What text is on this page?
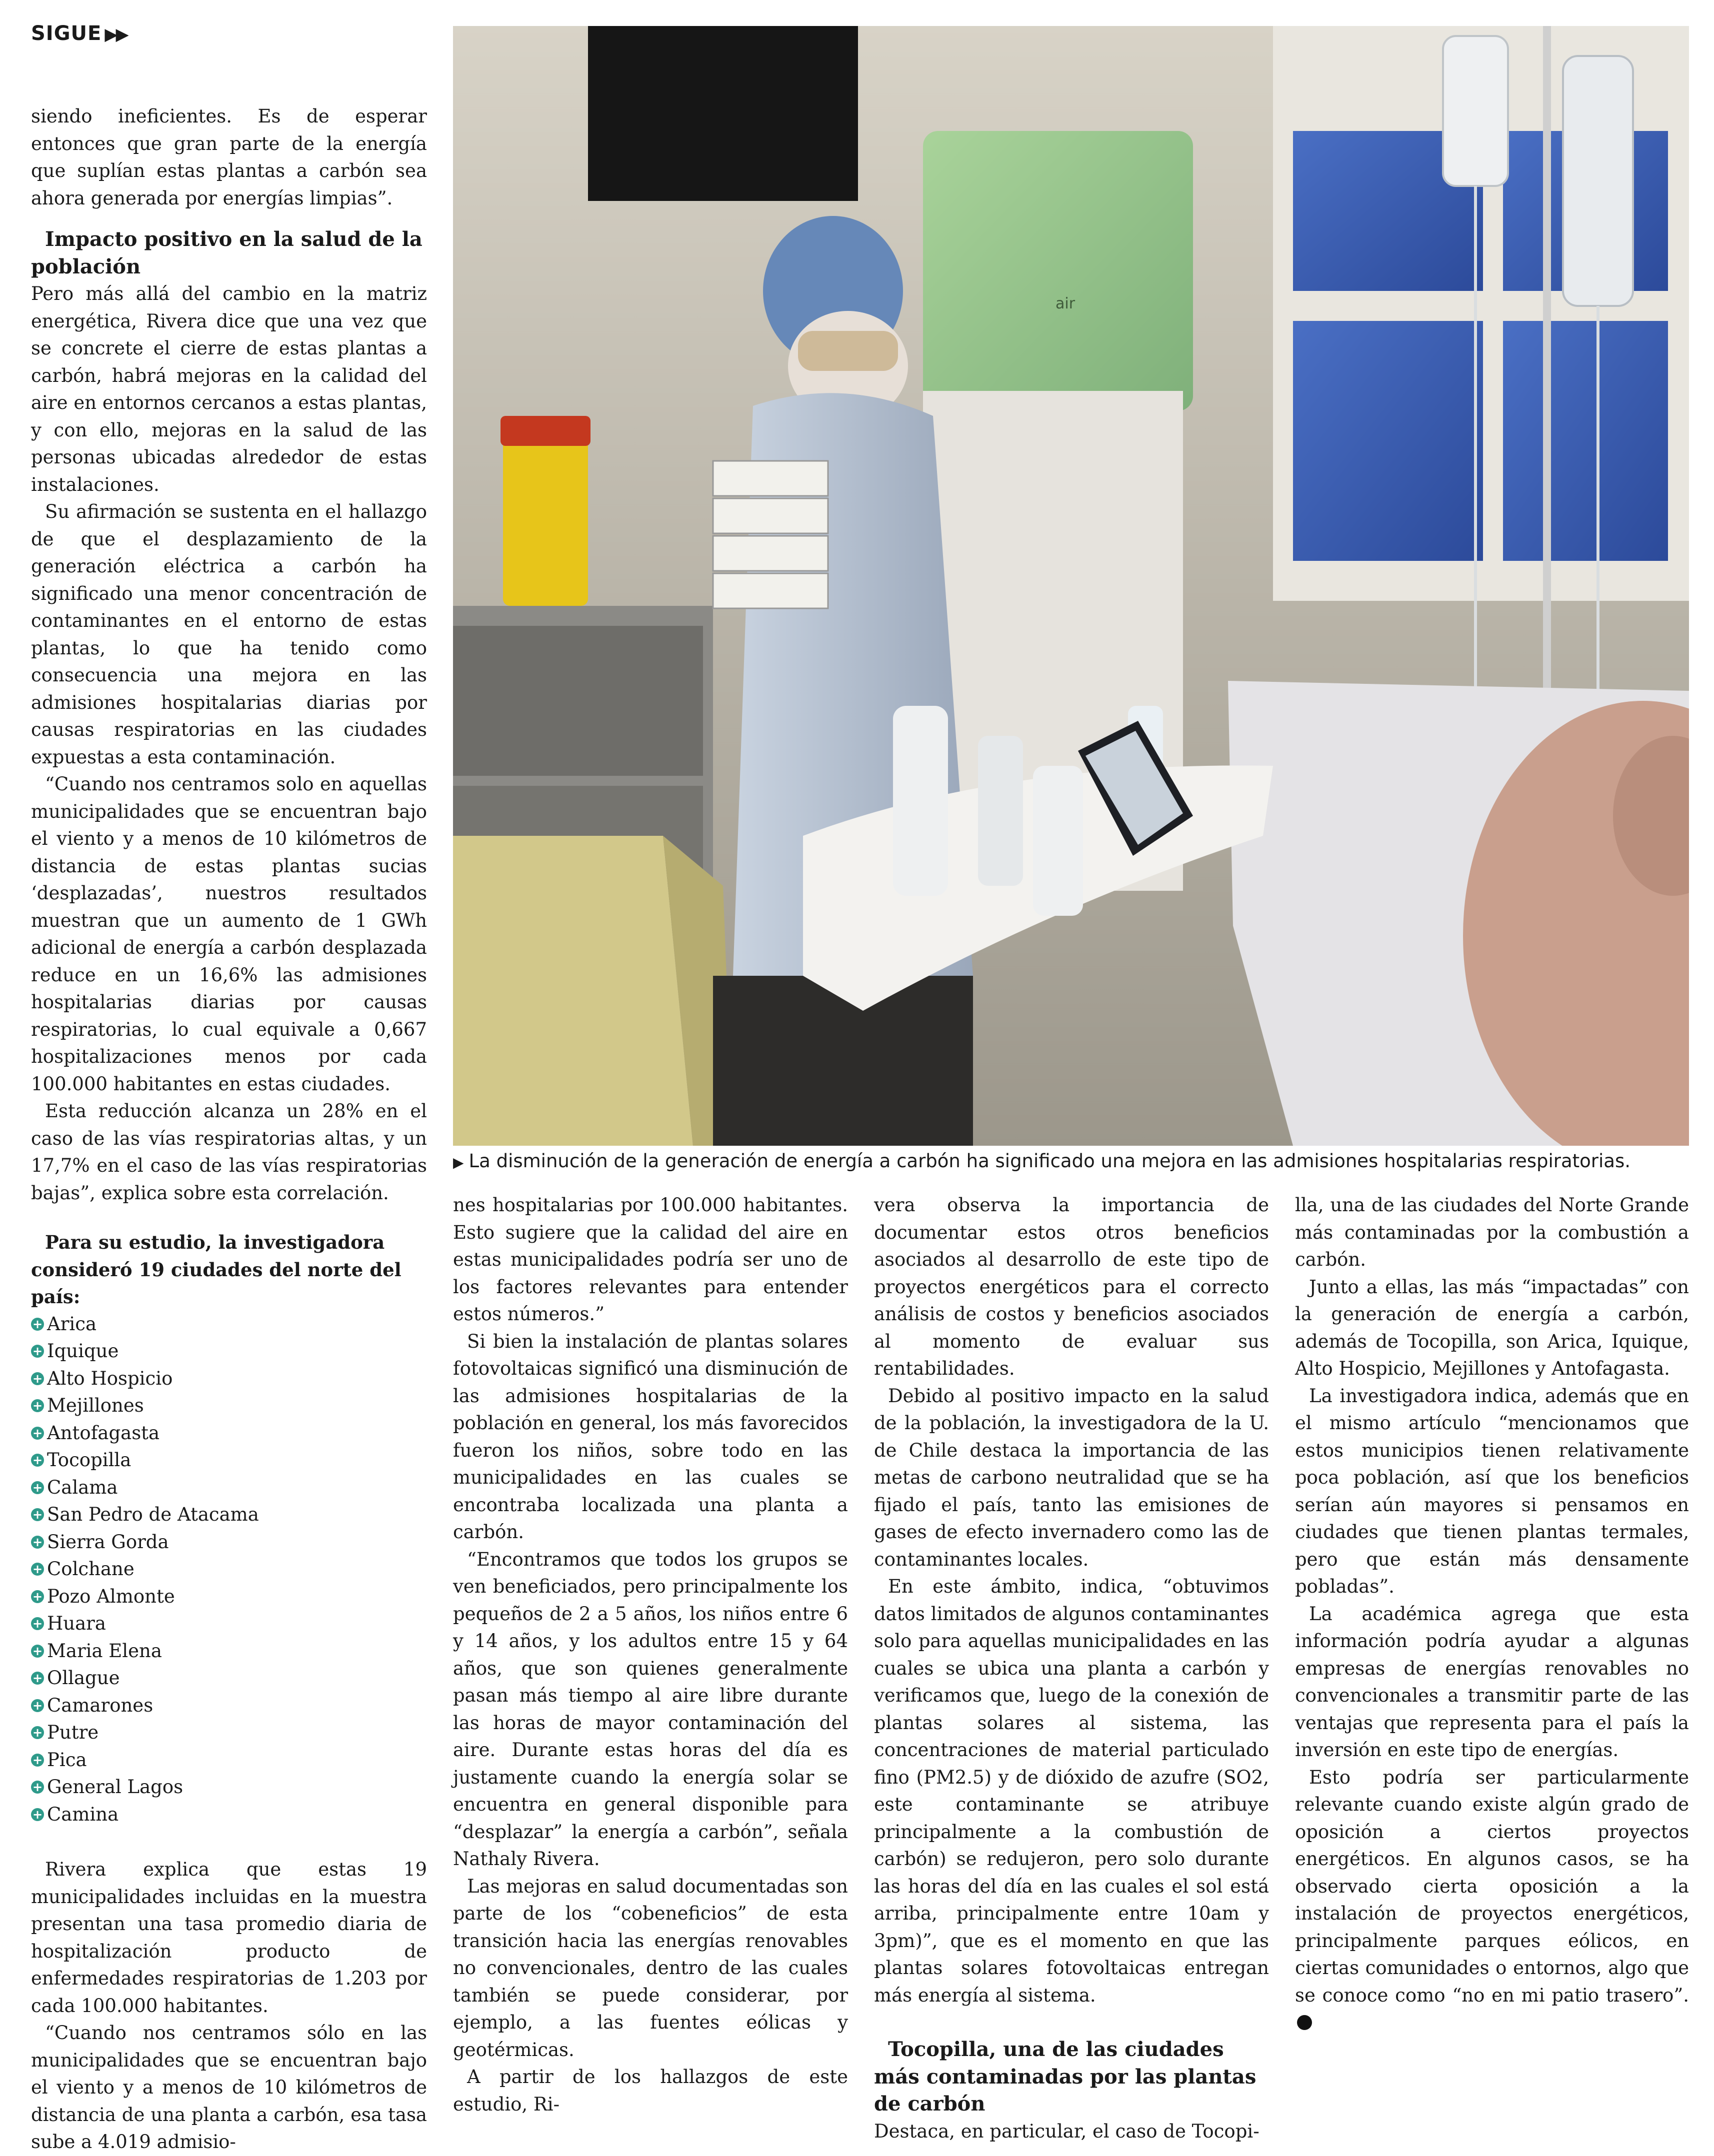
SIGUE ▶▶

siendo ineficientes. Es de esperar entonces que gran parte de la energía que suplían estas plantas a carbón sea ahora generada por energías limpias”.

Impacto positivo en la salud de la población

Pero más allá del cambio en la matriz energética, Rivera dice que una vez que se concrete el cierre de estas plantas a carbón, habrá mejoras en la calidad del aire en entornos cercanos a estas plantas, y con ello, mejoras en la salud de las personas ubicadas alrededor de estas instalaciones.

Su afirmación se sustenta en el hallazgo de que el desplazamiento de la generación eléctrica a carbón ha significado una menor concentración de contaminantes en el entorno de estas plantas, lo que ha tenido como consecuencia una mejora en las admisiones hospitalarias diarias por causas respiratorias en las ciudades expuestas a esta contaminación.

“Cuando nos centramos solo en aquellas municipalidades que se encuentran bajo el viento y a menos de 10 kilómetros de distancia de estas plantas sucias ‘desplazadas’, nuestros resultados muestran que un aumento de 1 GWh adicional de energía a carbón desplazada reduce en un 16,6% las admisiones hospitalarias diarias por causas respiratorias, lo cual equivale a 0,667 hospitalizaciones menos por cada 100.000 habitantes en estas ciudades.

Esta reducción alcanza un 28% en el caso de las vías respiratorias altas, y un 17,7% en el caso de las vías respiratorias bajas”, explica sobre esta correlación.

Para su estudio, la investigadora consideró 19 ciudades del norte del país:

+ Arica
+ Iquique
+ Alto Hospicio
+ Mejillones
+ Antofagasta
+ Tocopilla
+ Calama
+ San Pedro de Atacama
+ Sierra Gorda
+ Colchane
+ Pozo Almonte
+ Huara
+ Maria Elena
+ Ollague
+ Camarones
+ Putre
+ Pica
+ General Lagos
+ Camina

Rivera explica que estas 19 municipalidades incluidas en la muestra presentan una tasa promedio diaria de hospitalización producto de enfermedades respiratorias de 1.203 por cada 100.000 habitantes.

“Cuando nos centramos sólo en las municipalidades que se encuentran bajo el viento y a menos de 10 kilómetros de distancia de una planta a carbón, esa tasa sube a 4.019 admisio-

air
▶ La disminución de la generación de energía a carbón ha significado una mejora en las admisiones hospitalarias respiratorias.

nes hospitalarias por 100.000 habitantes. Esto sugiere que la calidad del aire en estas municipalidades podría ser uno de los factores relevantes para entender estos números.”

Si bien la instalación de plantas solares fotovoltaicas significó una disminución de las admisiones hospitalarias de la población en general, los más favorecidos fueron los niños, sobre todo en las municipalidades en las cuales se encontraba localizada una planta a carbón.

“Encontramos que todos los grupos se ven beneficiados, pero principalmente los pequeños de 2 a 5 años, los niños entre 6 y 14 años, y los adultos entre 15 y 64 años, que son quienes generalmente pasan más tiempo al aire libre durante las horas de mayor contaminación del aire. Durante estas horas del día es justamente cuando la energía solar se encuentra en general disponible para “desplazar” la energía a carbón”, señala Nathaly Rivera.

Las mejoras en salud documentadas son parte de los “cobeneficios” de esta transición hacia las energías renovables no convencionales, dentro de las cuales también se puede considerar, por ejemplo, a las fuentes eólicas y geotérmicas.

A partir de los hallazgos de este estudio, Ri-

vera observa la importancia de documentar estos otros beneficios asociados al desarrollo de este tipo de proyectos energéticos para el correcto análisis de costos y beneficios asociados al momento de evaluar sus rentabilidades.

Debido al positivo impacto en la salud de la población, la investigadora de la U. de Chile destaca la importancia de las metas de carbono neutralidad que se ha fijado el país, tanto las emisiones de gases de efecto invernadero como las de contaminantes locales.

En este ámbito, indica, “obtuvimos datos limitados de algunos contaminantes solo para aquellas municipalidades en las cuales se ubica una planta a carbón y verificamos que, luego de la conexión de plantas solares al sistema, las concentraciones de material particulado fino (PM2.5) y de dióxido de azufre (SO2, este contaminante se atribuye principalmente a la combustión de carbón) se redujeron, pero solo durante las horas del día en las cuales el sol está arriba, principalmente entre 10am y 3pm)”, que es el momento en que las plantas solares fotovoltaicas entregan más energía al sistema.

Tocopilla, una de las ciudades más contaminadas por las plantas de carbón

Destaca, en particular, el caso de Tocopi-

lla, una de las ciudades del Norte Grande más contaminadas por la combustión a carbón.

Junto a ellas, las más “impactadas” con la generación de energía a carbón, además de Tocopilla, son Arica, Iquique, Alto Hospicio, Mejillones y Antofagasta.

La investigadora indica, además que en el mismo artículo “mencionamos que estos municipios tienen relativamente poca población, así que los beneficios serían aún mayores si pensamos en ciudades que tienen plantas termales, pero que están más densamente pobladas”.

La académica agrega que esta información podría ayudar a algunas empresas de energías renovables no convencionales a transmitir parte de las ventajas que representa para el país la inversión en este tipo de energías.

Esto podría ser particularmente relevante cuando existe algún grado de oposición a ciertos proyectos energéticos. En algunos casos, se ha observado cierta oposición a la instalación de proyectos energéticos, principalmente parques eólicos, en ciertas comunidades o entornos, algo que se conoce como “no en mi patio trasero”.
